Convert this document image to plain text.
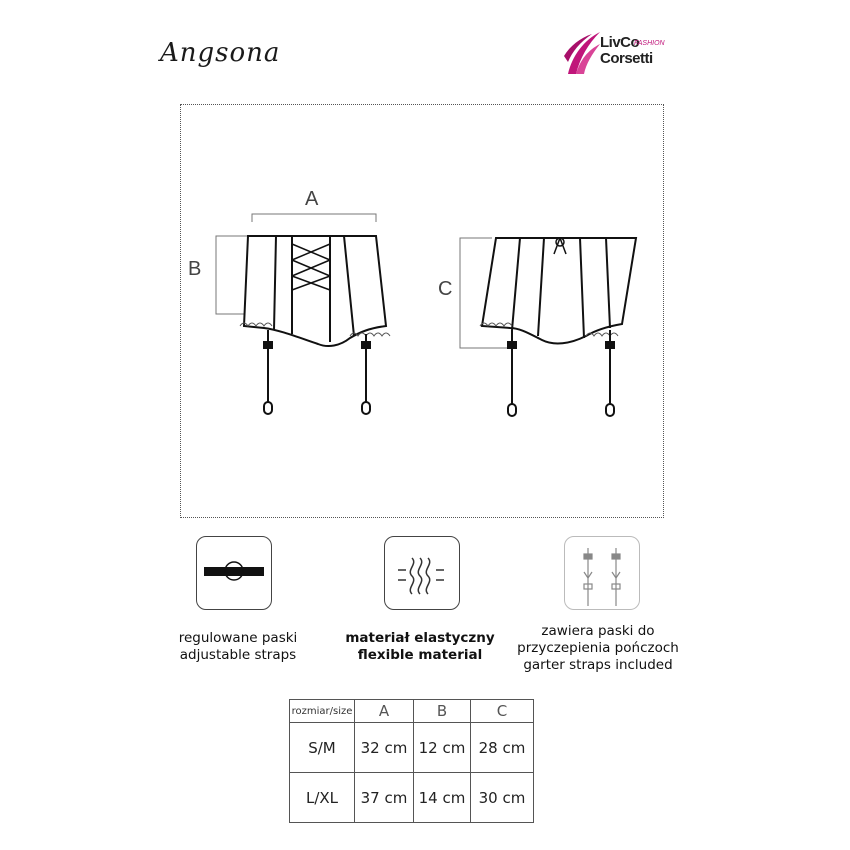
Angsona	LivCo
FASHION
Corsetti
A
B
C
regulowane paski
adjustable straps
materiał elastyczny
flexible material
zawiera paski do
przyczepienia pończoch
garter straps included
rozmiar/size	A	B	C
S/M	32 cm	12 cm	28 cm
L/XL	37 cm	14 cm	30 cm
